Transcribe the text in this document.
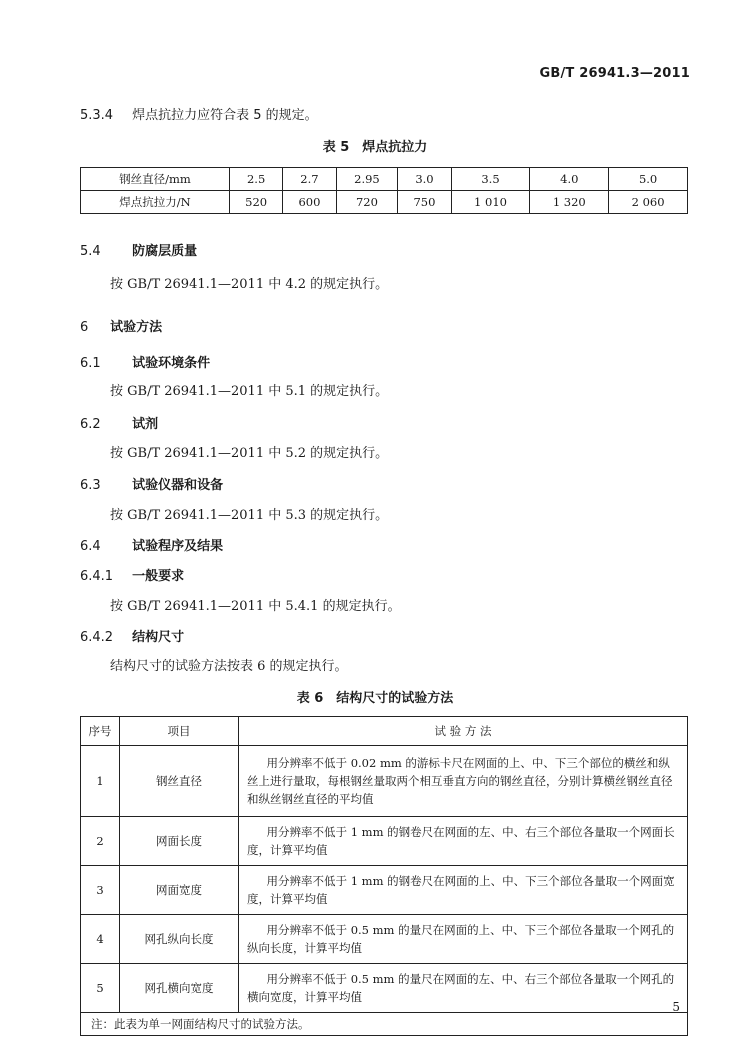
GB/T 26941.3—2011
5.3.4 焊点抗拉力应符合表 5 的规定。
表 5　焊点抗拉力
钢丝直径/mm	2.5	2.7	2.95	3.0	3.5	4.0	5.0
焊点抗拉力/N	520	600	720	750	1 010	1 320	2 060
5.4 防腐层质量
按 GB/T 26941.1—2011 中 4.2 的规定执行。
6 试验方法
6.1 试验环境条件
按 GB/T 26941.1—2011 中 5.1 的规定执行。
6.2 试剂
按 GB/T 26941.1—2011 中 5.2 的规定执行。
6.3 试验仪器和设备
按 GB/T 26941.1—2011 中 5.3 的规定执行。
6.4 试验程序及结果
6.4.1 一般要求
按 GB/T 26941.1—2011 中 5.4.1 的规定执行。
6.4.2 结构尺寸
结构尺寸的试验方法按表 6 的规定执行。
表 6　结构尺寸的试验方法
序号	项目	试 验 方 法
1	钢丝直径	用分辨率不低于 0.02 mm 的游标卡尺在网面的上、中、下三个部位的横丝和纵丝上进行量取，每根钢丝量取两个相互垂直方向的钢丝直径，分别计算横丝钢丝直径和纵丝钢丝直径的平均值
2	网面长度	用分辨率不低于 1 mm 的钢卷尺在网面的左、中、右三个部位各量取一个网面长度，计算平均值
3	网面宽度	用分辨率不低于 1 mm 的钢卷尺在网面的上、中、下三个部位各量取一个网面宽度，计算平均值
4	网孔纵向长度	用分辨率不低于 0.5 mm 的量尺在网面的上、中、下三个部位各量取一个网孔的纵向长度，计算平均值
5	网孔横向宽度	用分辨率不低于 0.5 mm 的量尺在网面的左、中、右三个部位各量取一个网孔的横向宽度，计算平均值
注：此表为单一网面结构尺寸的试验方法。		
5
